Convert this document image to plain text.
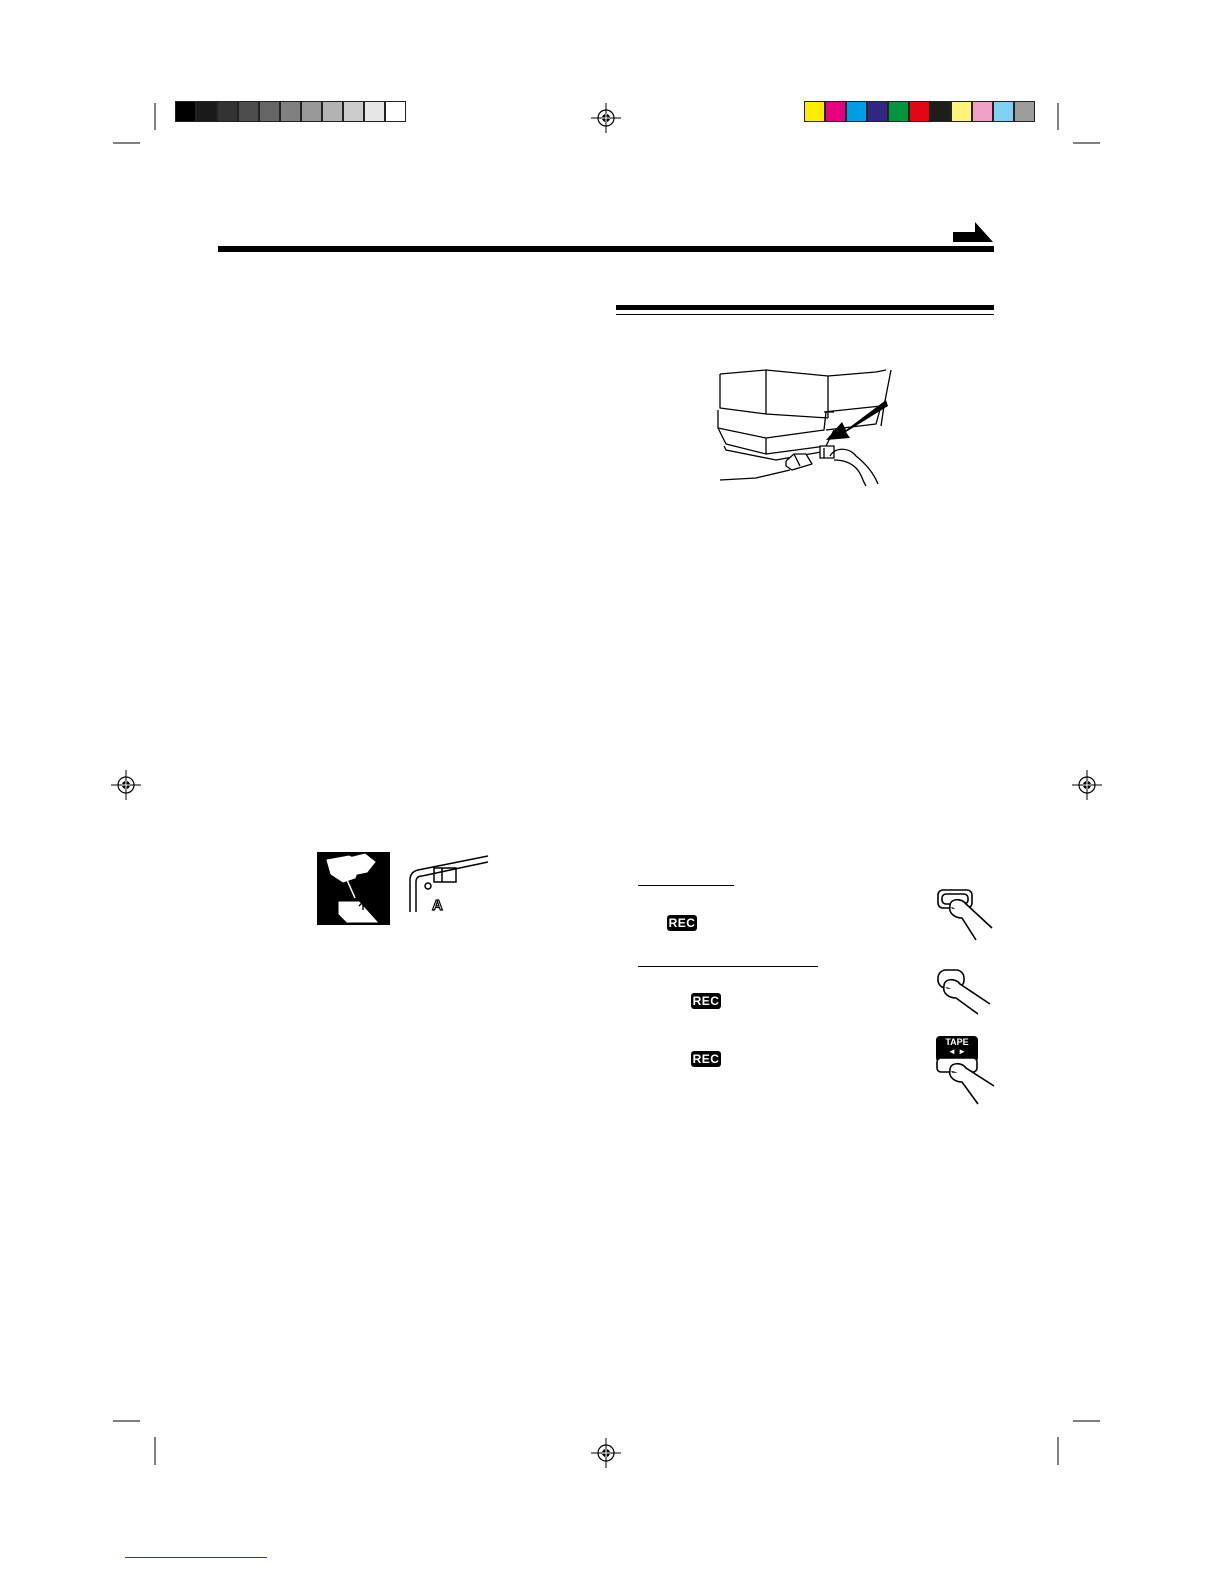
A
REC
REC
REC
TAPE
◄ ►
